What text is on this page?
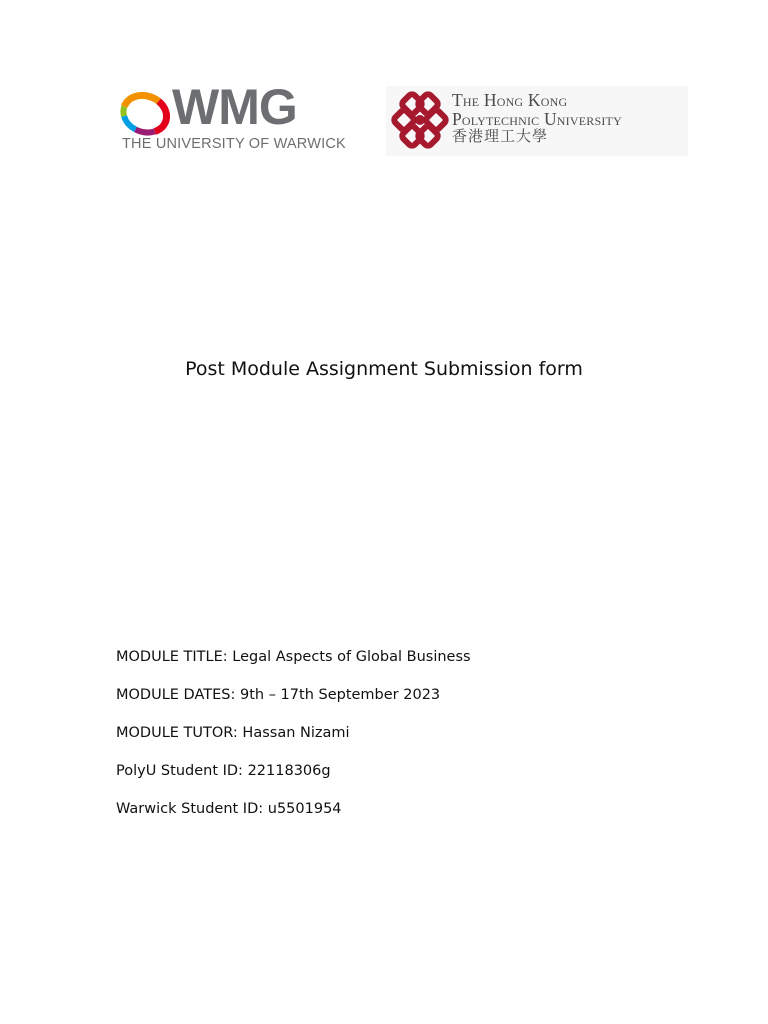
WMG
THE UNIVERSITY OF WARWICK
The Hong Kong
Polytechnic University
香港理工大學
Post Module Assignment Submission form
MODULE TITLE: Legal Aspects of Global Business
MODULE DATES: 9th – 17th September 2023
MODULE TUTOR: Hassan Nizami
PolyU Student ID: 22118306g
Warwick Student ID: u5501954
